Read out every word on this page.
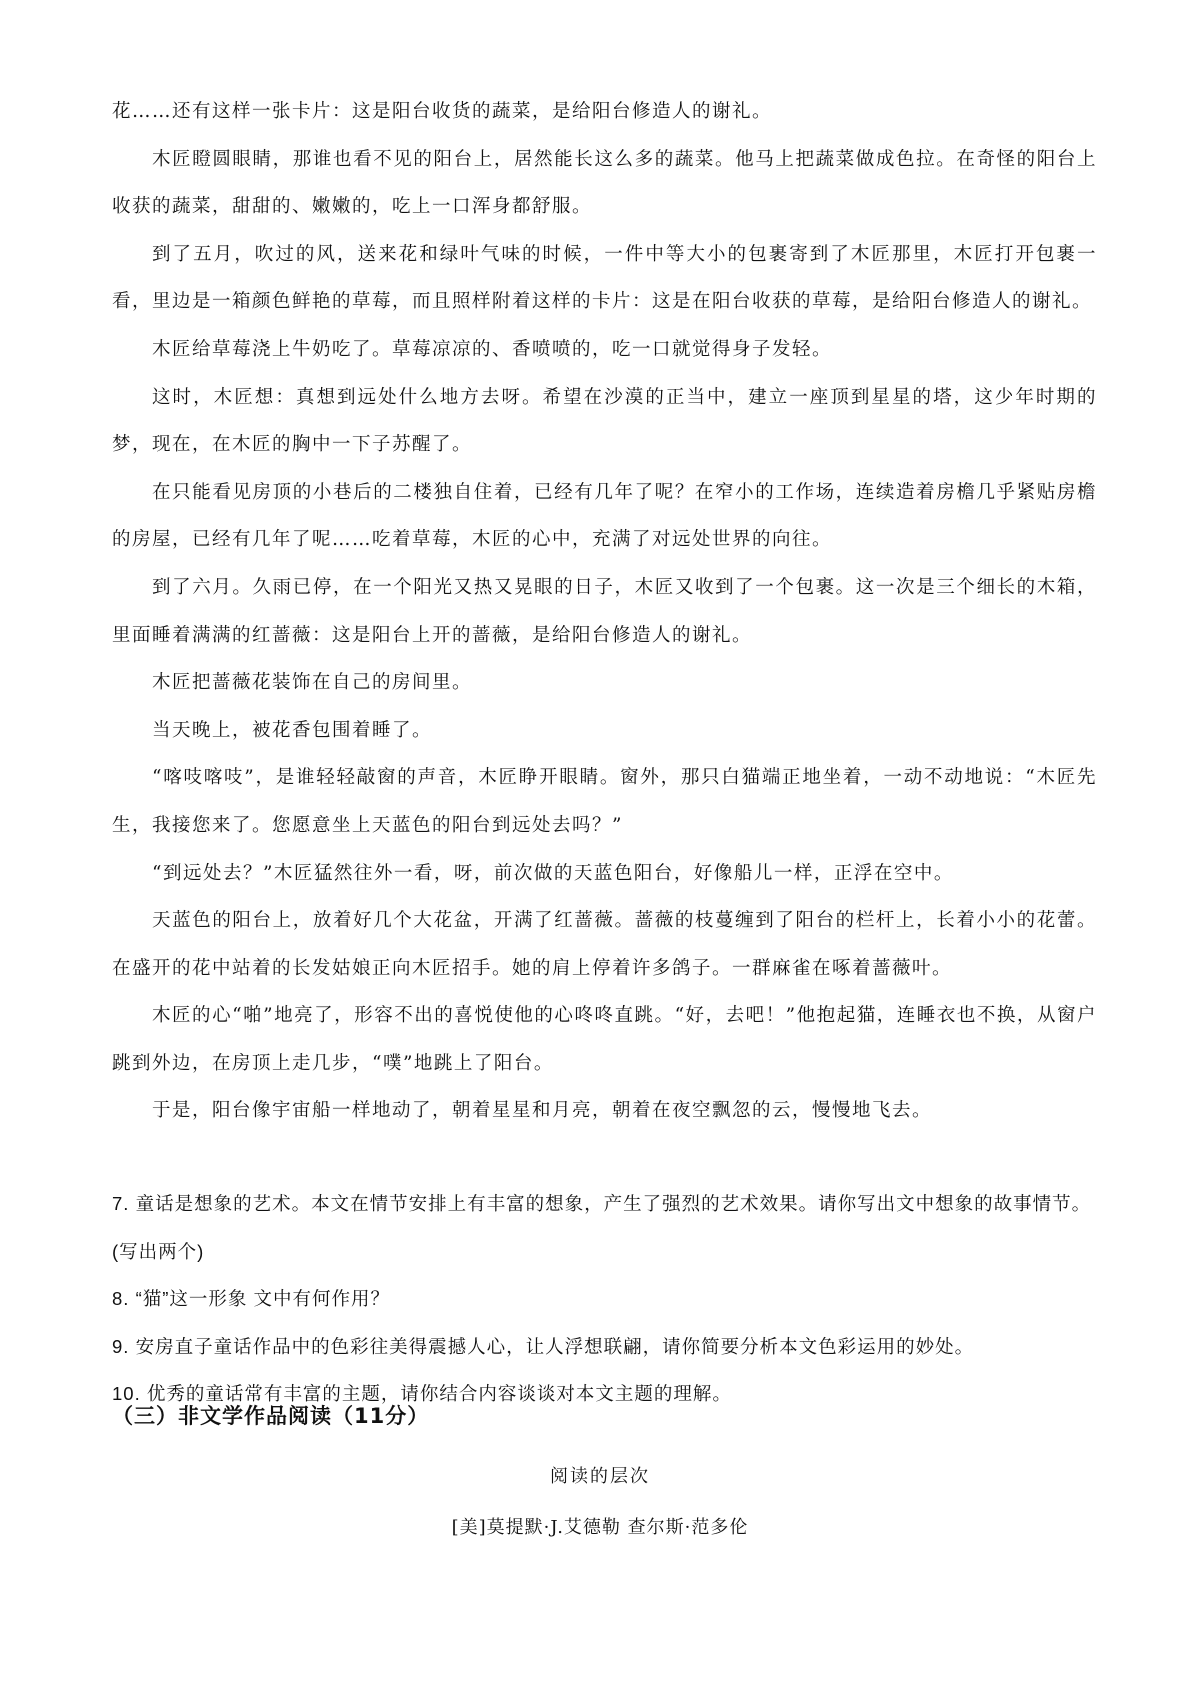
花……还有这样一张卡片：这是阳台收货的蔬菜，是给阳台修造人的谢礼。

木匠瞪圆眼睛，那谁也看不见的阳台上，居然能长这么多的蔬菜。他马上把蔬菜做成色拉。在奇怪的阳台上收获的蔬菜，甜甜的、嫩嫩的，吃上一口浑身都舒服。

到了五月，吹过的风，送来花和绿叶气味的时候，一件中等大小的包裹寄到了木匠那里，木匠打开包裹一看，里边是一箱颜色鲜艳的草莓，而且照样附着这样的卡片：这是在阳台收获的草莓，是给阳台修造人的谢礼。

木匠给草莓浇上牛奶吃了。草莓凉凉的、香喷喷的，吃一口就觉得身子发轻。

这时，木匠想：真想到远处什么地方去呀。希望在沙漠的正当中，建立一座顶到星星的塔，这少年时期的梦，现在，在木匠的胸中一下子苏醒了。

在只能看见房顶的小巷后的二楼独自住着，已经有几年了呢？在窄小的工作场，连续造着房檐几乎紧贴房檐的房屋，已经有几年了呢……吃着草莓，木匠的心中，充满了对远处世界的向往。

到了六月。久雨已停，在一个阳光又热又晃眼的日子，木匠又收到了一个包裹。这一次是三个细长的木箱，里面睡着满满的红蔷薇：这是阳台上开的蔷薇，是给阳台修造人的谢礼。

木匠把蔷薇花装饰在自己的房间里。

当天晚上，被花香包围着睡了。

“喀吱喀吱”，是谁轻轻敲窗的声音，木匠睁开眼睛。窗外，那只白猫端正地坐着，一动不动地说：“木匠先生，我接您来了。您愿意坐上天蓝色的阳台到远处去吗？”

“到远处去？”木匠猛然往外一看，呀，前次做的天蓝色阳台，好像船儿一样，正浮在空中。

天蓝色的阳台上，放着好几个大花盆，开满了红蔷薇。蔷薇的枝蔓缠到了阳台的栏杆上，长着小小的花蕾。在盛开的花中站着的长发姑娘正向木匠招手。她的肩上停着许多鸽子。一群麻雀在啄着蔷薇叶。

木匠的心“啪”地亮了，形容不出的喜悦使他的心咚咚直跳。“好，去吧！”他抱起猫，连睡衣也不换，从窗户跳到外边，在房顶上走几步，“噗”地跳上了阳台。

于是，阳台像宇宙船一样地动了，朝着星星和月亮，朝着在夜空飘忽的云，慢慢地飞去。

7. 童话是想象的艺术。本文在情节安排上有丰富的想象，产生了强烈的艺术效果。请你写出文中想象的故事情节。(写出两个)

8. “猫”这一形象 文中有何作用？

9. 安房直子童话作品中的色彩往美得震撼人心，让人浮想联翩，请你简要分析本文色彩运用的妙处。

10. 优秀的童话常有丰富的主题，请你结合内容谈谈对本文主题的理解。

（三）非文学作品阅读（11分）

阅读的层次

[美]莫提默·J.艾德勒 查尔斯·范多伦
